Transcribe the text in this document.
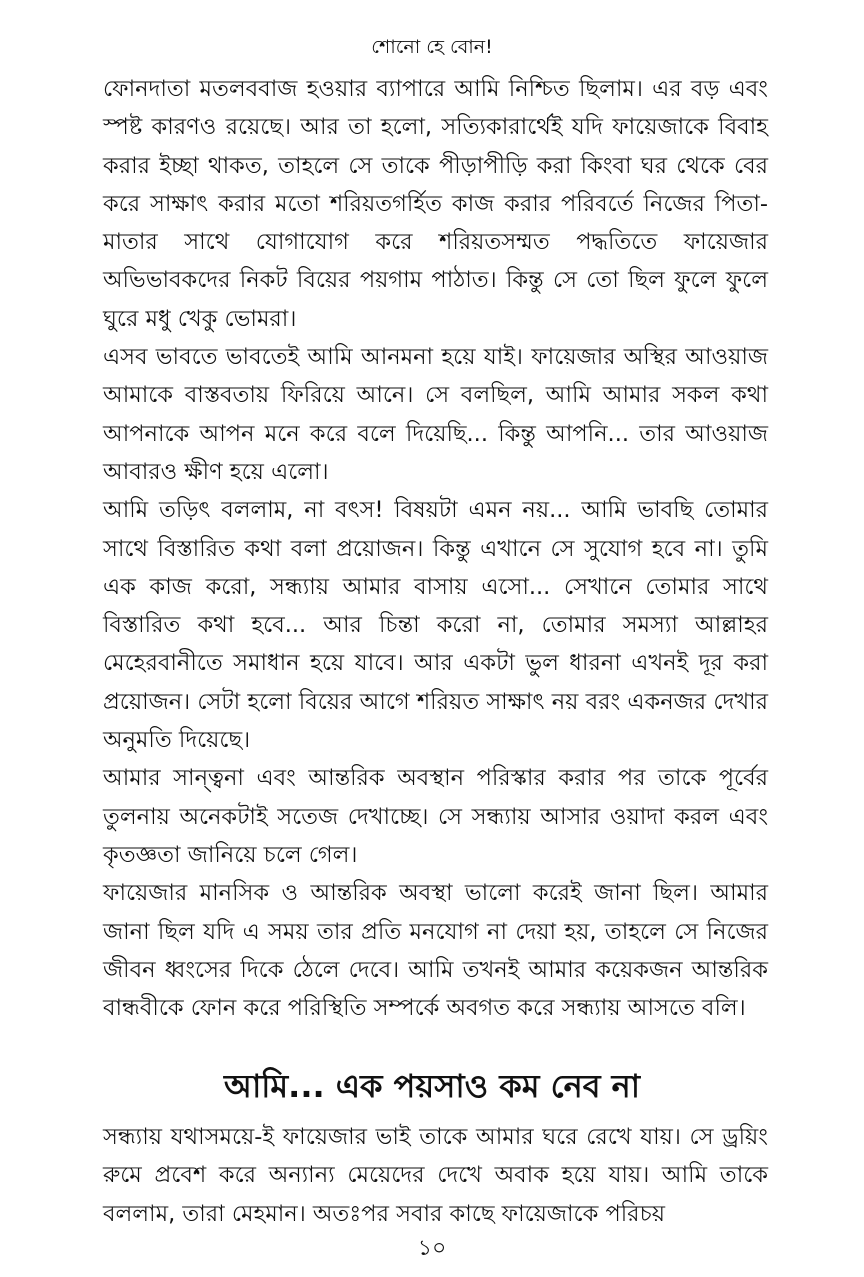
শোনো হে বোন!

ফোনদাতা মতলববাজ হওয়ার ব্যাপারে আমি নিশ্চিত ছিলাম। এর বড় এবং স্পষ্ট কারণও রয়েছে। আর তা হলো, সত্যিকারার্থেই যদি ফায়েজাকে বিবাহ করার ইচ্ছা থাকত, তাহলে সে তাকে পীড়াপীড়ি করা কিংবা ঘর থেকে বের করে সাক্ষাৎ করার মতো শরিয়তগর্হিত কাজ করার পরিবর্তে নিজের পিতা-মাতার সাথে যোগাযোগ করে শরিয়তসম্মত পদ্ধতিতে ফায়েজার অভিভাবকদের নিকট বিয়ের পয়গাম পাঠাত। কিন্তু সে তো ছিল ফুলে ফুলে ঘুরে মধু খেকু ভোমরা।

এসব ভাবতে ভাবতেই আমি আনমনা হয়ে যাই। ফায়েজার অস্থির আওয়াজ আমাকে বাস্তবতায় ফিরিয়ে আনে। সে বলছিল, আমি আমার সকল কথা আপনাকে আপন মনে করে বলে দিয়েছি... কিন্তু আপনি... তার আওয়াজ আবারও ক্ষীণ হয়ে এলো।

আমি তড়িৎ বললাম, না বৎস! বিষয়টা এমন নয়... আমি ভাবছি তোমার সাথে বিস্তারিত কথা বলা প্রয়োজন। কিন্তু এখানে সে সুযোগ হবে না। তুমি এক কাজ করো, সন্ধ্যায় আমার বাসায় এসো... সেখানে তোমার সাথে বিস্তারিত কথা হবে... আর চিন্তা করো না, তোমার সমস্যা আল্লাহর মেহেরবানীতে সমাধান হয়ে যাবে। আর একটা ভুল ধারনা এখনই দূর করা প্রয়োজন। সেটা হলো বিয়ের আগে শরিয়ত সাক্ষাৎ নয় বরং একনজর দেখার অনুমতি দিয়েছে।

আমার সান্ত্বনা এবং আন্তরিক অবস্থান পরিস্কার করার পর তাকে পূর্বের তুলনায় অনেকটাই সতেজ দেখাচ্ছে। সে সন্ধ্যায় আসার ওয়াদা করল এবং কৃতজ্ঞতা জানিয়ে চলে গেল।

ফায়েজার মানসিক ও আন্তরিক অবস্থা ভালো করেই জানা ছিল। আমার জানা ছিল যদি এ সময় তার প্রতি মনযোগ না দেয়া হয়, তাহলে সে নিজের জীবন ধ্বংসের দিকে ঠেলে দেবে। আমি তখনই আমার কয়েকজন আন্তরিক বান্ধবীকে ফোন করে পরিস্থিতি সম্পর্কে অবগত করে সন্ধ্যায় আসতে বলি।

আমি... এক পয়সাও কম নেব না

সন্ধ্যায় যথাসময়ে-ই ফায়েজার ভাই তাকে আমার ঘরে রেখে যায়। সে ড্রয়িং রুমে প্রবেশ করে অন্যান্য মেয়েদের দেখে অবাক হয়ে যায়। আমি তাকে বললাম, তারা মেহমান। অতঃপর সবার কাছে ফায়েজাকে পরিচয়

১০
